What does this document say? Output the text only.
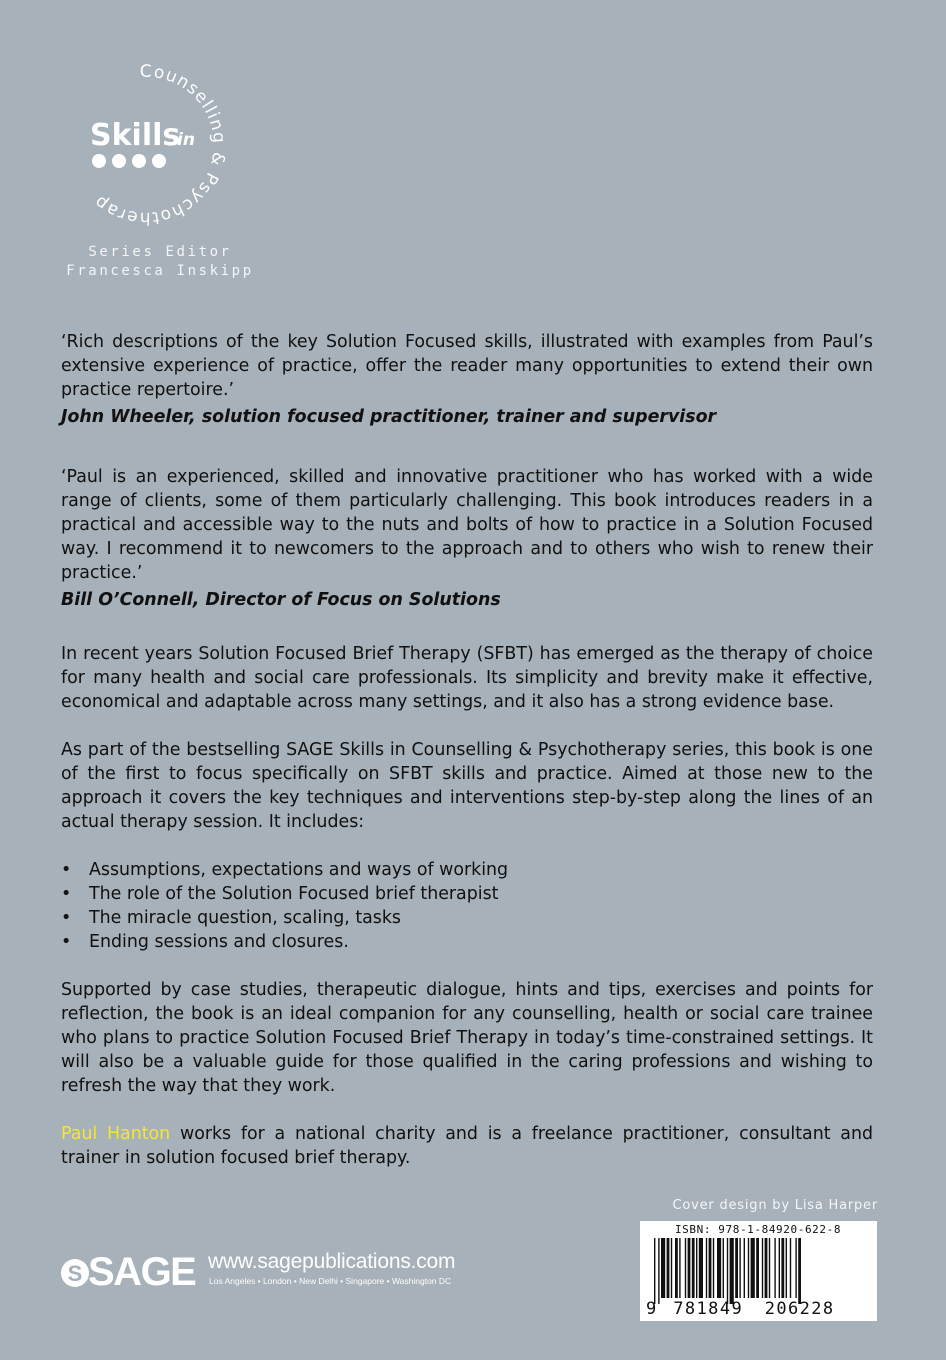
Counselling & Psychotherap
Skills
in
Series Editor
Francesca Inskipp

‘Rich descriptions of the key Solution Focused skills, illustrated with examples from Paul’s extensive experience of practice, offer the reader many opportunities to extend their own practice repertoire.’

John Wheeler, solution focused practitioner, trainer and supervisor

‘Paul is an experienced, skilled and innovative practitioner who has worked with a wide range of clients, some of them particularly challenging. This book introduces readers in a practical and accessible way to the nuts and bolts of how to practice in a Solution Focused way. I recommend it to newcomers to the approach and to others who wish to renew their practice.’

Bill O’Connell, Director of Focus on Solutions

In recent years Solution Focused Brief Therapy (SFBT) has emerged as the therapy of choice for many health and social care professionals. Its simplicity and brevity make it effective, economical and adaptable across many settings, and it also has a strong evidence base.

As part of the bestselling SAGE Skills in Counselling & Psychotherapy series, this book is one of the first to focus specifically on SFBT skills and practice. Aimed at those new to the approach it covers the key techniques and interventions step-by-step along the lines of an actual therapy session. It includes:

• Assumptions, expectations and ways of working
• The role of the Solution Focused brief therapist
• The miracle question, scaling, tasks
• Ending sessions and closures.

Supported by case studies, therapeutic dialogue, hints and tips, exercises and points for reflection, the book is an ideal companion for any counselling, health or social care trainee who plans to practice Solution Focused Brief Therapy in today’s time-constrained settings. It will also be a valuable guide for those qualified in the caring professions and wishing to refresh the way that they work.

Paul Hanton works for a national charity and is a freelance practitioner, consultant and trainer in solution focused brief therapy.

Cover design by Lisa Harper
ISBN: 978-1-84920-622-8
9 781849 206228
S SAGE www.sagepublications.com
Los Angeles • London • New Delhi • Singapore • Washington DC
